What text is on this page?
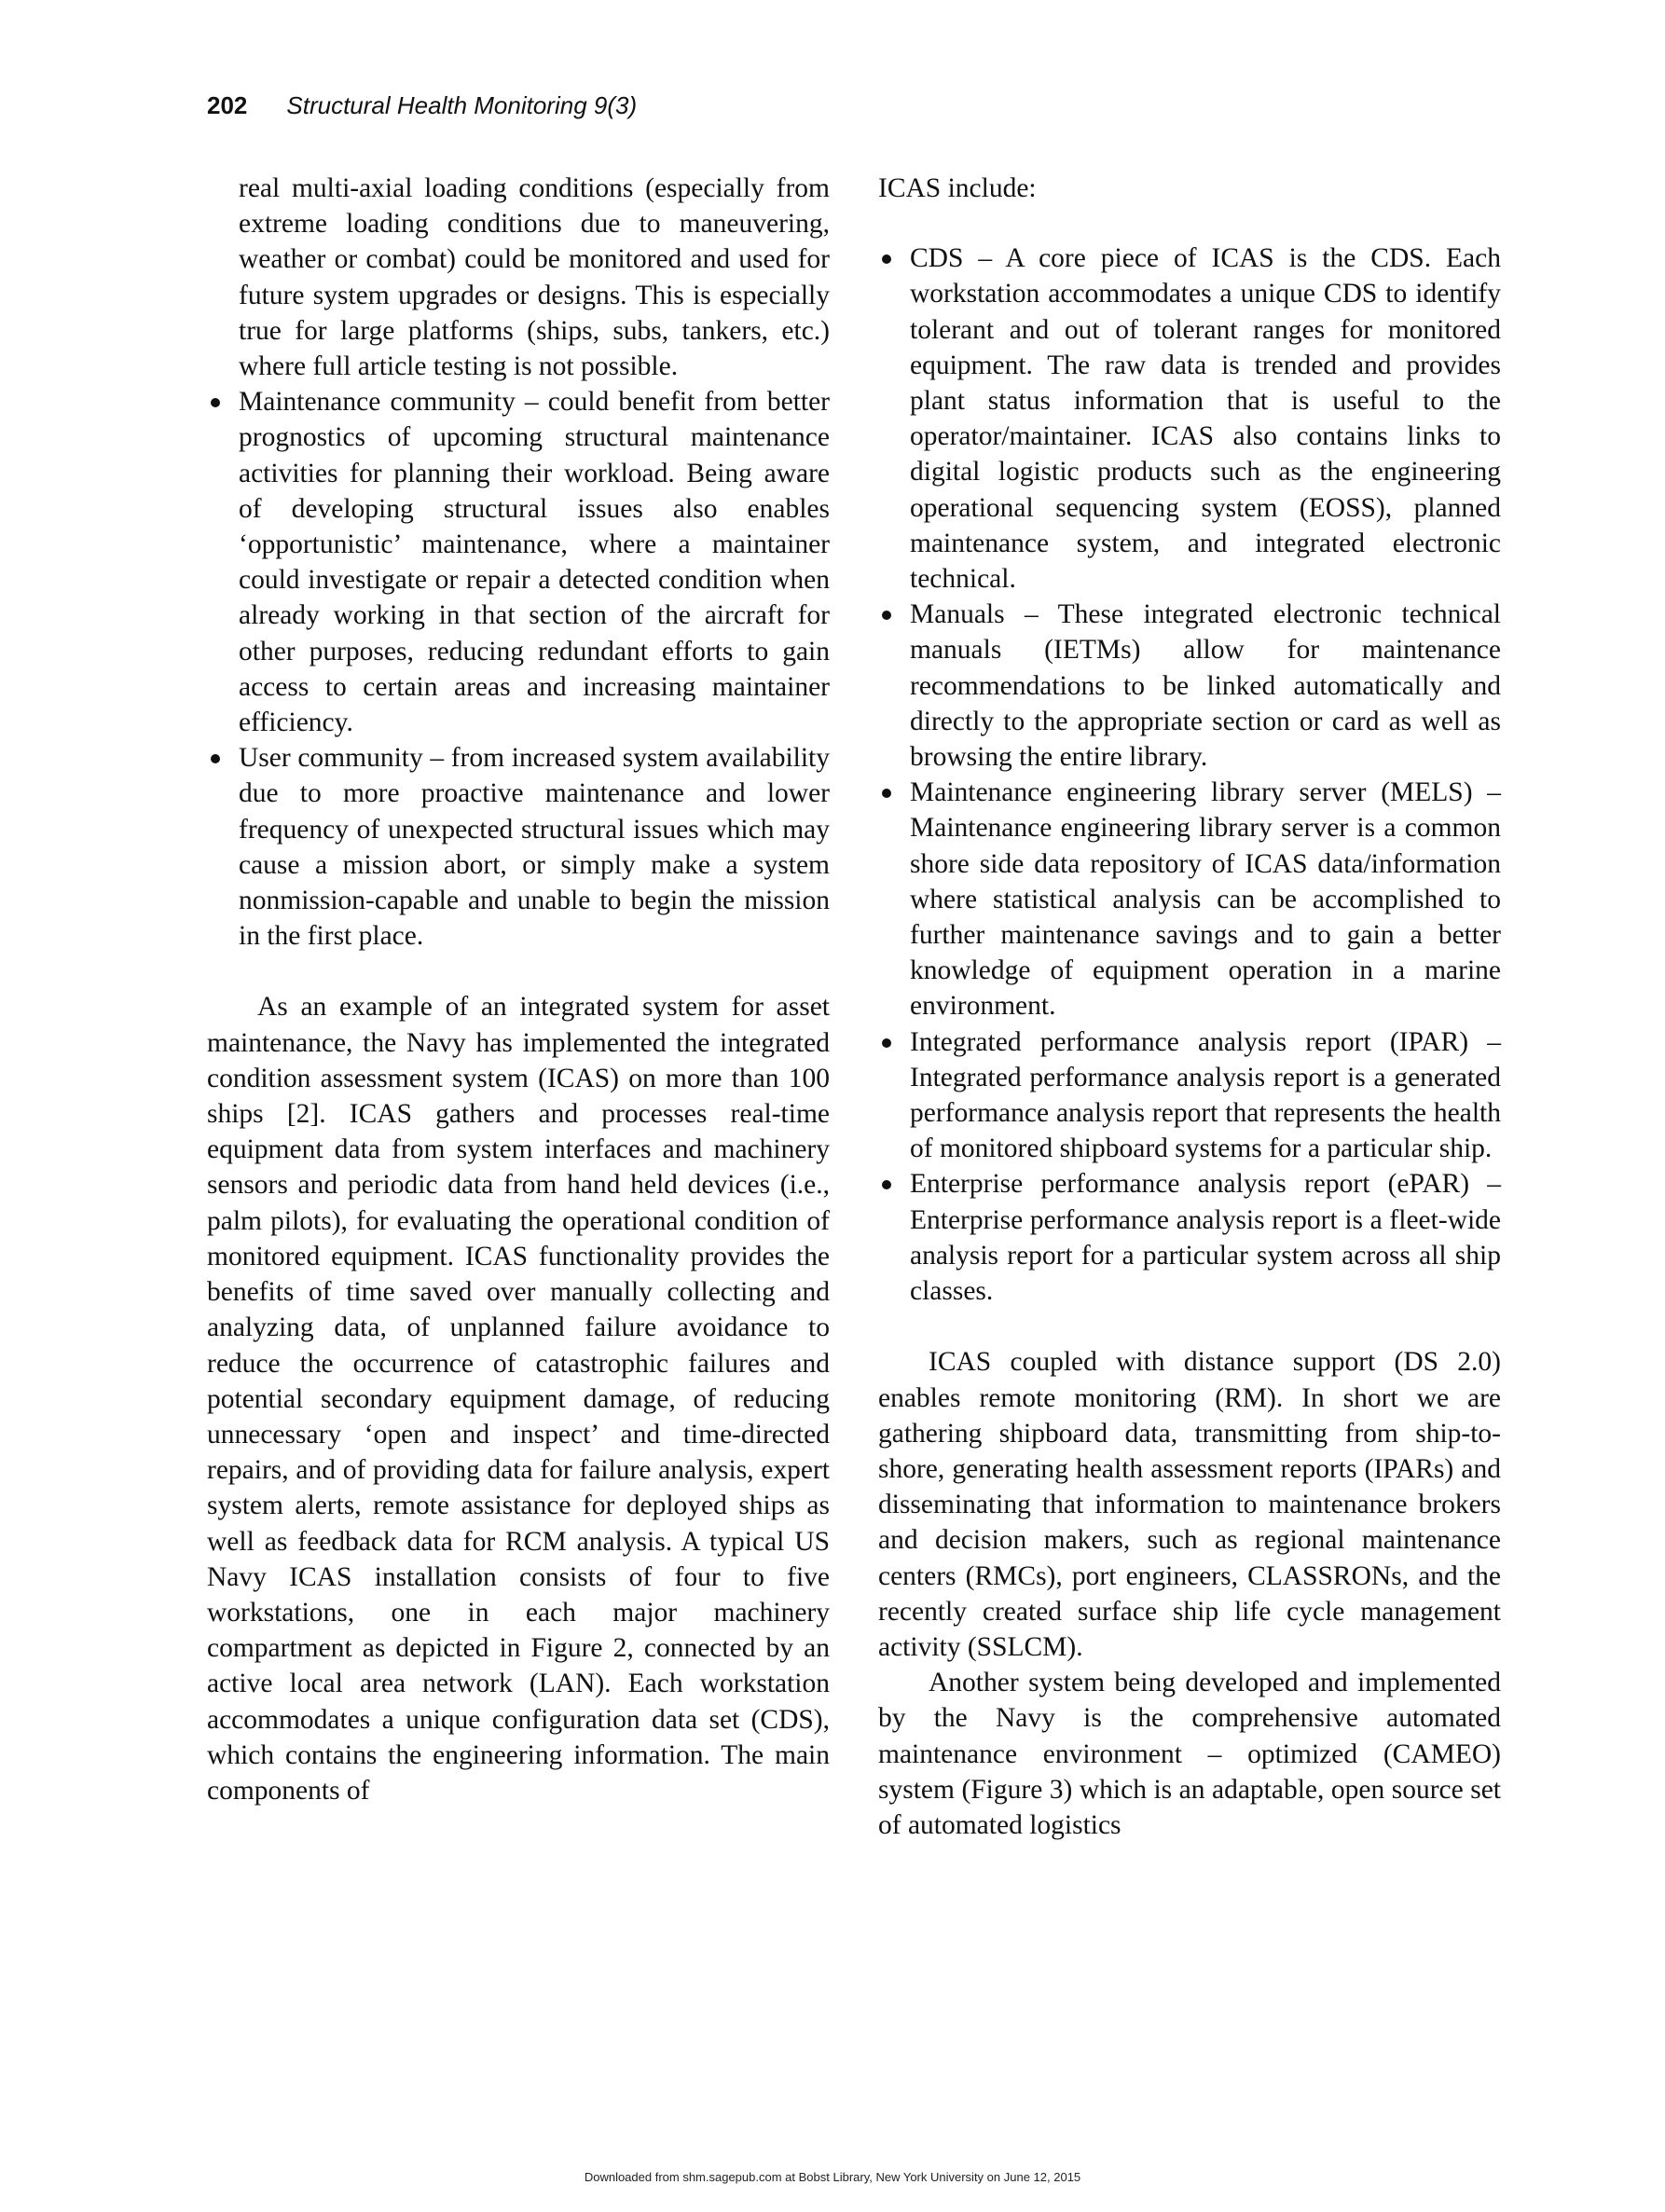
202 Structural Health Monitoring 9(3)

real multi-axial loading conditions (especially from extreme loading conditions due to maneuvering, weather or combat) could be monitored and used for future system upgrades or designs. This is especially true for large platforms (ships, subs, tankers, etc.) where full article testing is not possible.

Maintenance community – could benefit from better prognostics of upcoming structural maintenance activities for planning their workload. Being aware of developing structural issues also enables ‘opportunistic’ maintenance, where a maintainer could investigate or repair a detected condition when already working in that section of the aircraft for other purposes, reducing redundant efforts to gain access to certain areas and increasing maintainer efficiency.
User community – from increased system availability due to more proactive maintenance and lower frequency of unexpected structural issues which may cause a mission abort, or simply make a system nonmission-capable and unable to begin the mission in the first place.

As an example of an integrated system for asset maintenance, the Navy has implemented the integrated condition assessment system (ICAS) on more than 100 ships [2]. ICAS gathers and processes real-time equipment data from system interfaces and machinery sensors and periodic data from hand held devices (i.e., palm pilots), for evaluating the operational condition of monitored equipment. ICAS functionality provides the benefits of time saved over manually collecting and analyzing data, of unplanned failure avoidance to reduce the occurrence of catastrophic failures and potential secondary equipment damage, of reducing unnecessary ‘open and inspect’ and time-directed repairs, and of providing data for failure analysis, expert system alerts, remote assistance for deployed ships as well as feedback data for RCM analysis. A typical US Navy ICAS installation consists of four to five workstations, one in each major machinery compartment as depicted in Figure 2, connected by an active local area network (LAN). Each workstation accommodates a unique configuration data set (CDS), which contains the engineering information. The main components of

ICAS include:

CDS – A core piece of ICAS is the CDS. Each workstation accommodates a unique CDS to identify tolerant and out of tolerant ranges for monitored equipment. The raw data is trended and provides plant status information that is useful to the operator/maintainer. ICAS also contains links to digital logistic products such as the engineering operational sequencing system (EOSS), planned maintenance system, and integrated electronic technical.
Manuals – These integrated electronic technical manuals (IETMs) allow for maintenance recommendations to be linked automatically and directly to the appropriate section or card as well as browsing the entire library.
Maintenance engineering library server (MELS) – Maintenance engineering library server is a common shore side data repository of ICAS data/information where statistical analysis can be accomplished to further maintenance savings and to gain a better knowledge of equipment operation in a marine environment.
Integrated performance analysis report (IPAR) – Integrated performance analysis report is a generated performance analysis report that represents the health of monitored shipboard systems for a particular ship.
Enterprise performance analysis report (ePAR) – Enterprise performance analysis report is a fleet-wide analysis report for a particular system across all ship classes.

ICAS coupled with distance support (DS 2.0) enables remote monitoring (RM). In short we are gathering shipboard data, transmitting from ship-to-shore, generating health assessment reports (IPARs) and disseminating that information to maintenance brokers and decision makers, such as regional maintenance centers (RMCs), port engineers, CLASSRONs, and the recently created surface ship life cycle management activity (SSLCM).

Another system being developed and implemented by the Navy is the comprehensive automated maintenance environment – optimized (CAMEO) system (Figure 3) which is an adaptable, open source set of automated logistics

Downloaded from shm.sagepub.com at Bobst Library, New York University on June 12, 2015
